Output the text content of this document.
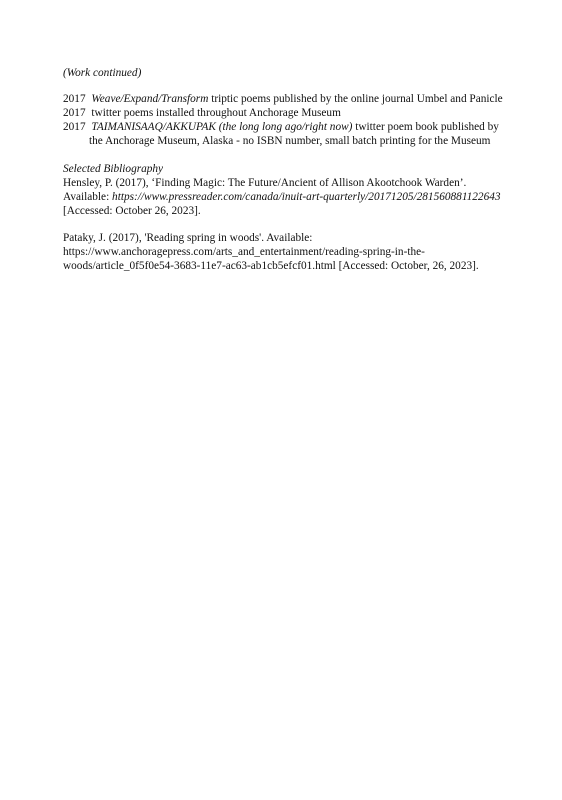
(Work continued)

2017 Weave/Expand/Transform triptic poems published by the online journal Umbel and Panicle

2017 twitter poems installed throughout Anchorage Museum

2017 TAIMANISAAQ/AKKUPAK (the long long ago/right now) twitter poem book published by the Anchorage Museum, Alaska - no ISBN number, small batch printing for the Museum

Selected Bibliography

Hensley, P. (2017), ‘Finding Magic: The Future/Ancient of Allison Akootchook Warden’. Available: https://www.pressreader.com/canada/inuit-art-quarterly/20171205/281560881122643 [Accessed: October 26, 2023].

Pataky, J. (2017), 'Reading spring in woods'. Available: https://www.anchoragepress.com/arts_and_entertainment/reading-spring-in-the-woods/article_0f5f0e54-3683-11e7-ac63-ab1cb5efcf01.html [Accessed: October, 26, 2023].
